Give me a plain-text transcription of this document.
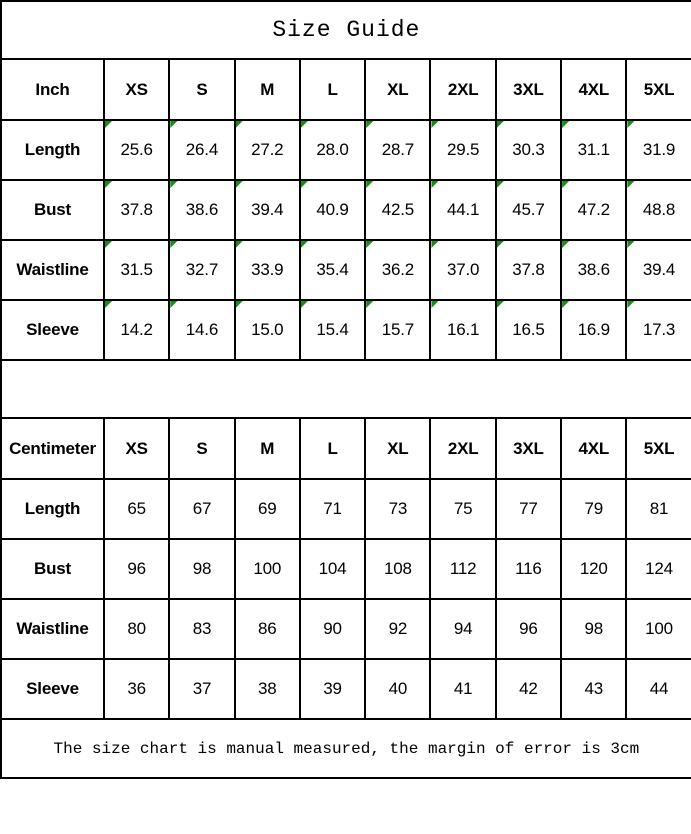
Size Guide									
Inch	XS	S	M	L	XL	2XL	3XL	4XL	5XL
Length	25.6	26.4	27.2	28.0	28.7	29.5	30.3	31.1	31.9
Bust	37.8	38.6	39.4	40.9	42.5	44.1	45.7	47.2	48.8
Waistline	31.5	32.7	33.9	35.4	36.2	37.0	37.8	38.6	39.4
Sleeve	14.2	14.6	15.0	15.4	15.7	16.1	16.5	16.9	17.3

Centimeter	XS	S	M	L	XL	2XL	3XL	4XL	5XL
Length	65	67	69	71	73	75	77	79	81
Bust	96	98	100	104	108	112	116	120	124
Waistline	80	83	86	90	92	94	96	98	100
Sleeve	36	37	38	39	40	41	42	43	44
The size chart is manual measured, the margin of error is 3cm									
